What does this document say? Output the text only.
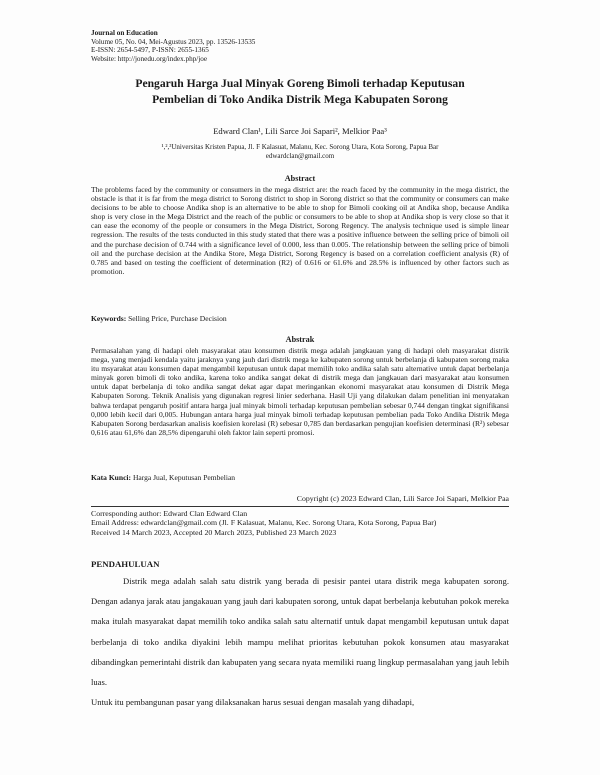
Journal on Education
Volume 05, No. 04, Mei-Agustus 2023, pp. 13526-13535
E-ISSN: 2654-5497, P-ISSN: 2655-1365
Website: http://jonedu.org/index.php/joe
Pengaruh Harga Jual Minyak Goreng Bimoli terhadap Keputusan
Pembelian di Toko Andika Distrik Mega Kabupaten Sorong
Edward Clan¹, Lili Sarce Joi Sapari², Melkior Paa³
¹,²,³Universitas Kristen Papua, Jl. F Kalasuat, Malanu, Kec. Sorong Utara, Kota Sorong, Papua Bar
edwardclan@gmail.com
Abstract
The problems faced by the community or consumers in the mega district are: the reach faced by the community in the mega district, the obstacle is that it is far from the mega district to Sorong district to shop in Sorong district so that the community or consumers can make decisions to be able to choose Andika shop is an alternative to be able to shop for Bimoli cooking oil at Andika shop, because Andika shop is very close in the Mega District and the reach of the public or consumers to be able to shop at Andika shop is very close so that it can ease the economy of the people or consumers in the Mega District, Sorong Regency. The analysis technique used is simple linear regression. The results of the tests conducted in this study stated that there was a positive influence between the selling price of bimoli oil and the purchase decision of 0.744 with a significance level of 0.000, less than 0.005. The relationship between the selling price of bimoli oil and the purchase decision at the Andika Store, Mega District, Sorong Regency is based on a correlation coefficient analysis (R) of 0.785 and based on testing the coefficient of determination (R2) of 0.616 or 61.6% and 28.5% is influenced by other factors such as promotion.
Keywords: Selling Price, Purchase Decision
Abstrak
Permasalahan yang di hadapi oleh masyarakat atau konsumen distrik mega adalah jangkauan yang di hadapi oleh masyarakat distrik mega, yang menjadi kendala yaitu jaraknya yang jauh dari distrik mega ke kabupaten sorong untuk berbelanja di kabupaten sorong maka itu msyarakat atau konsumen dapat mengambil keputusan untuk dapat memilih toko andika salah satu alternative untuk dapat berbelanja minyak goren bimoli di toko andika, karena toko andika sangat dekat di distrik mega dan jangkauan dari masyarakat atau konsumen untuk dapat berbelanja di toko andika sangat dekat agar dapat meringankan ekonomi masyarakat atau konsumen di Distrik Mega Kabupaten Sorong. Teknik Analisis yang digunakan regresi linier sederhana. Hasil Uji yang dilakukan dalam penelitian ini menyatakan bahwa terdapat pengaruh positif antara harga jual minyak bimoli terhadap keputusan pembelian sebesar 0,744 dengan tingkat signifikansi 0,000 lebih kecil dari 0,005. Hubungan antara harga jual minyak bimoli terhadap keputusan pembelian pada Toko Andika Distrik Mega Kabupaten Sorong berdasarkan analisis koefisien korelasi (R) sebesar 0,785 dan berdasarkan pengujian koefisien determinasi (R²) sebesar 0,616 atau 61,6% dan 28,5% dipengaruhi oleh faktor lain seperti promosi.
Kata Kunci: Harga Jual, Keputusan Pembelian
Copyright (c) 2023 Edward Clan, Lili Sarce Joi Sapari, Melkior Paa
Corresponding author: Edward Clan Edward Clan
Email Address: edwardclan@gmail.com (Jl. F Kalasuat, Malanu, Kec. Sorong Utara, Kota Sorong, Papua Bar)
Received 14 March 2023, Accepted 20 March 2023, Published 23 March 2023
PENDAHULUAN

Distrik mega adalah salah satu distrik yang berada di pesisir pantei utara distrik mega kabupaten sorong. Dengan adanya jarak atau jangakauan yang jauh dari kabupaten sorong, untuk dapat berbelanja kebutuhan pokok mereka maka itulah masyarakat dapat memilih toko andika salah satu alternatif untuk dapat mengambil keputusan untuk dapat berbelanja di toko andika diyakini lebih mampu melihat prioritas kebutuhan pokok konsumen atau masyarakat dibandingkan pemerintahi distrik dan kabupaten yang secara nyata memiliki ruang lingkup permasalahan yang jauh lebih luas.

Untuk itu pembangunan pasar yang dilaksanakan harus sesuai dengan masalah yang dihadapi,
